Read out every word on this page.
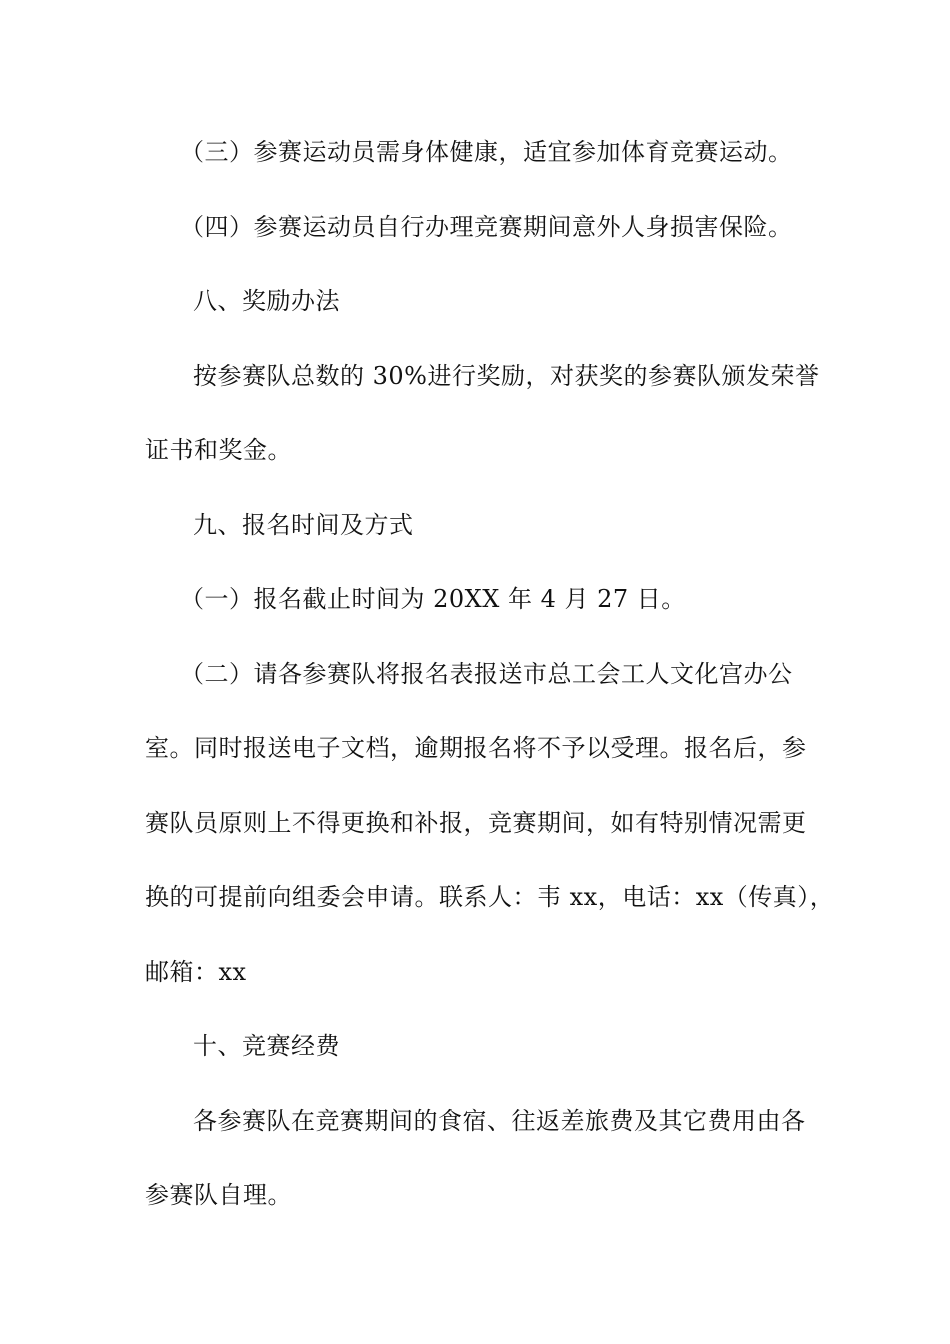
（三）参赛运动员需身体健康，适宜参加体育竞赛运动。
（四）参赛运动员自行办理竞赛期间意外人身损害保险。
八、奖励办法
按参赛队总数的 30%进行奖励，对获奖的参赛队颁发荣誉
证书和奖金。
九、报名时间及方式
（一）报名截止时间为 20XX 年 4 月 27 日。
（二）请各参赛队将报名表报送市总工会工人文化宫办公
室。同时报送电子文档，逾期报名将不予以受理。报名后，参
赛队员原则上不得更换和补报，竞赛期间，如有特别情况需更
换的可提前向组委会申请。联系人：韦 xx，电话：xx（传真），
邮箱：xx
十、竞赛经费
各参赛队在竞赛期间的食宿、往返差旅费及其它费用由各
参赛队自理。
